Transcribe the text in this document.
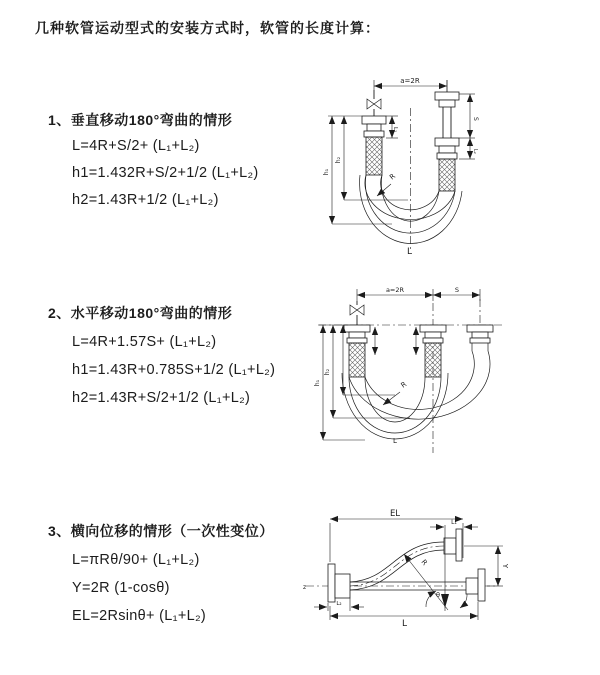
几种软管运动型式的安装方式时，软管的长度计算：
1、垂直移动180°弯曲的情形
L=4R+S/2+ (L₁+L₂)
h1=1.432R+S/2+1/2 (L₁+L₂)
h2=1.43R+1/2 (L₁+L₂)
a=2R
L₁
S
L₂
h₁
h₂
R
L
2、水平移动180°弯曲的情形
L=4R+1.57S+ (L₁+L₂)
h1=1.43R+0.785S+1/2 (L₁+L₂)
h2=1.43R+S/2+1/2 (L₁+L₂)
a=2R	S
h₁
h₂
R
L
3、横向位移的情形（一次性变位）
L=πRθ/90+ (L₁+L₂)
Y=2R (1-cosθ)
EL=2Rsinθ+ (L₁+L₂)
EL
L₁
z
R
θ
Y
L₂
L
